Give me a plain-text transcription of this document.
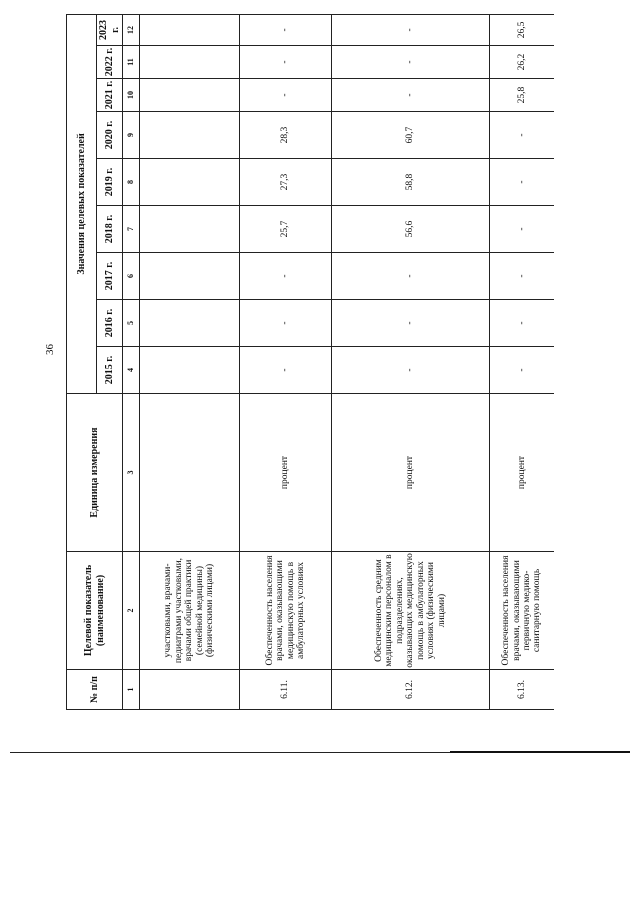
36
№ п/п	Целевой показатель (наименование)	Единица измерения	Значения целевых показателей								
			2015 г.	2016 г.	2017 г.	2018 г.	2019 г.	2020 г.	2021 г.	2022 г.	2023 г.
1	2	3	4	5	6	7	8	9	10	11	12
	участковыми, врачами-педиатрами участковыми, врачами общей практики (семейной медицины) (физическими лицами)										
6.11.	Обеспеченность населения врачами, оказывающими медицинскую помощь в амбулаторных условиях	процент	-	-	-	25,7	27,3	28,3	-	-	-
6.12.	Обеспеченность средним медицинским персоналом в подразделениях, оказывающих медицинскую помощь в амбулаторных условиях (физическими лицами)	процент	-	-	-	56,6	58,8	60,7	-	-	-
6.13.	Обеспеченность населения врачами, оказывающими первичную медико-санитарную помощь	процент	-	-	-	-	-	-	25,8	26,2	26,5
